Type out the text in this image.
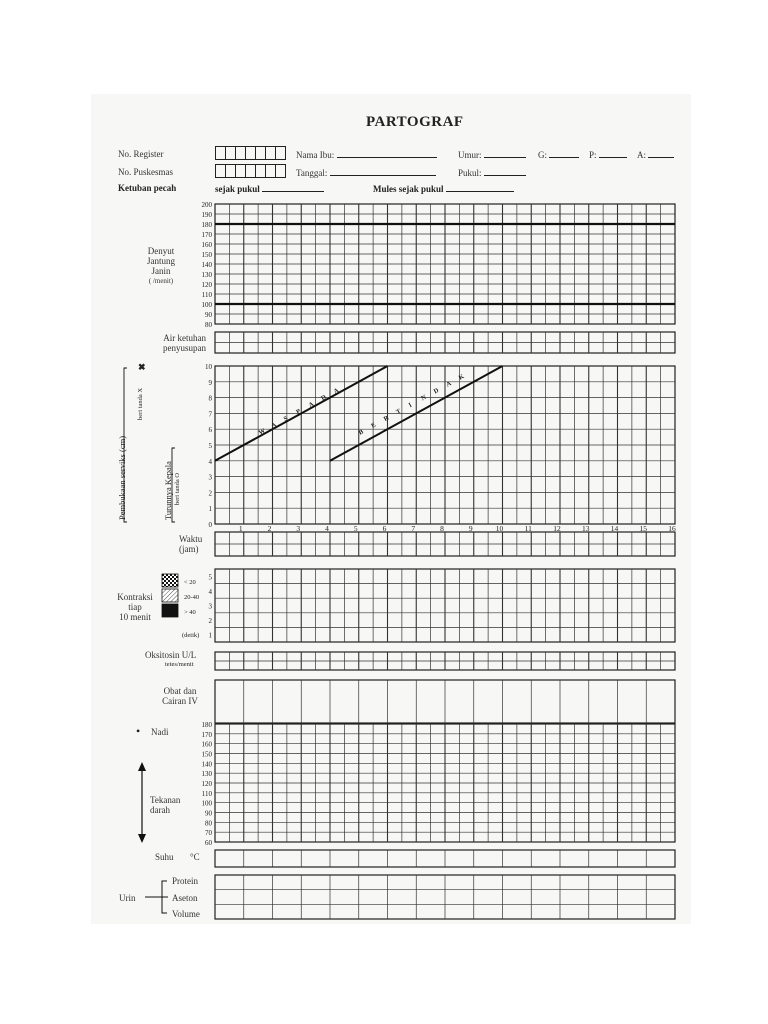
PARTOGRAF
No. Register
No. Puskesmas
Nama Ibu:
Tanggal:
Umur:
Pukul:
G:	P:	A:
Ketuban pecah	sejak pukul	Mules sejak pukul
Denyut
Jantung
Janin
( /menit)
Air ketuhan
penyusupan
Pembukaan serviks (cm)
beri tanda X
✖
Turunnya Kepala beri tanda O
Waktu
(jam)
Kontraksi
tiap
10 menit
Oksitosin U/L
tetes/menit
Obat dan
Cairan IV
• Nadi
Tekanan
darah
Suhu °C
Urin
Protein
Aseton
Volume
200
190
180
170
160
150
140
130
120
110
100
90
80
10
9
8
7
6
5
4
3
2
1
0	1	2	3	4	5	6	7	8	9	10	11	12	13	14	15	16
W
A
S
P
A
D
A
B
E
R
T
I
N
D
A
K
5
4
3
2
1
< 20
20-40
> 40
(detik)
180
170
160
150
140
130
120
110
100
90
80
70
60
